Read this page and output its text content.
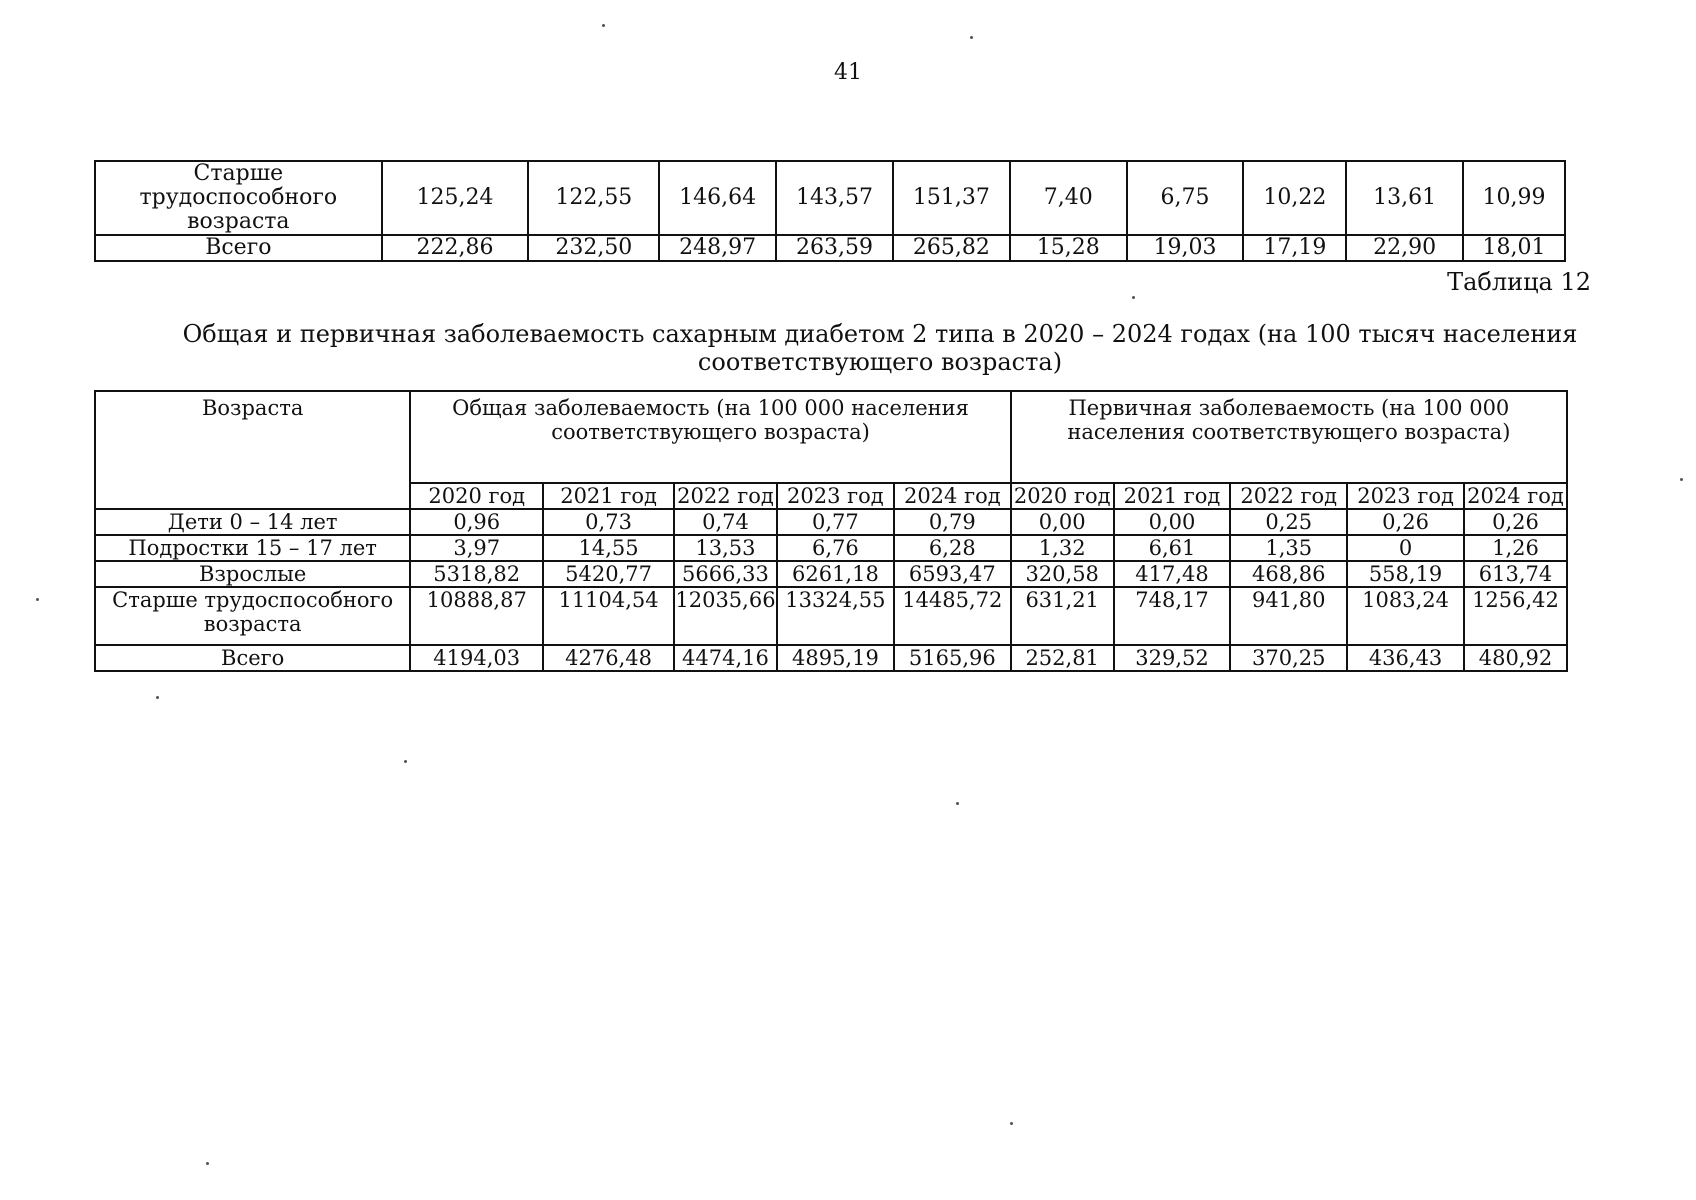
41
Старше трудоспособного возраста	125,24	122,55	146,64	143,57	151,37	7,40	6,75	10,22	13,61	10,99
Всего	222,86	232,50	248,97	263,59	265,82	15,28	19,03	17,19	22,90	18,01
Таблица 12
Общая и первичная заболеваемость сахарным диабетом 2 типа в 2020 – 2024 годах (на 100 тысяч населения соответствующего возраста)
Возраста	Общая заболеваемость (на 100 000 населения соответствующего возраста)					Первичная заболеваемость (на 100 000 населения соответствующего возраста)				
	2020 год	2021 год	2022 год	2023 год	2024 год	2020 год	2021 год	2022 год	2023 год	2024 год
Дети 0 – 14 лет	0,96	0,73	0,74	0,77	0,79	0,00	0,00	0,25	0,26	0,26
Подростки 15 – 17 лет	3,97	14,55	13,53	6,76	6,28	1,32	6,61	1,35	0	1,26
Взрослые	5318,82	5420,77	5666,33	6261,18	6593,47	320,58	417,48	468,86	558,19	613,74
Старше трудоспособного возраста	10888,87	11104,54	12035,66	13324,55	14485,72	631,21	748,17	941,80	1083,24	1256,42
Всего	4194,03	4276,48	4474,16	4895,19	5165,96	252,81	329,52	370,25	436,43	480,92
